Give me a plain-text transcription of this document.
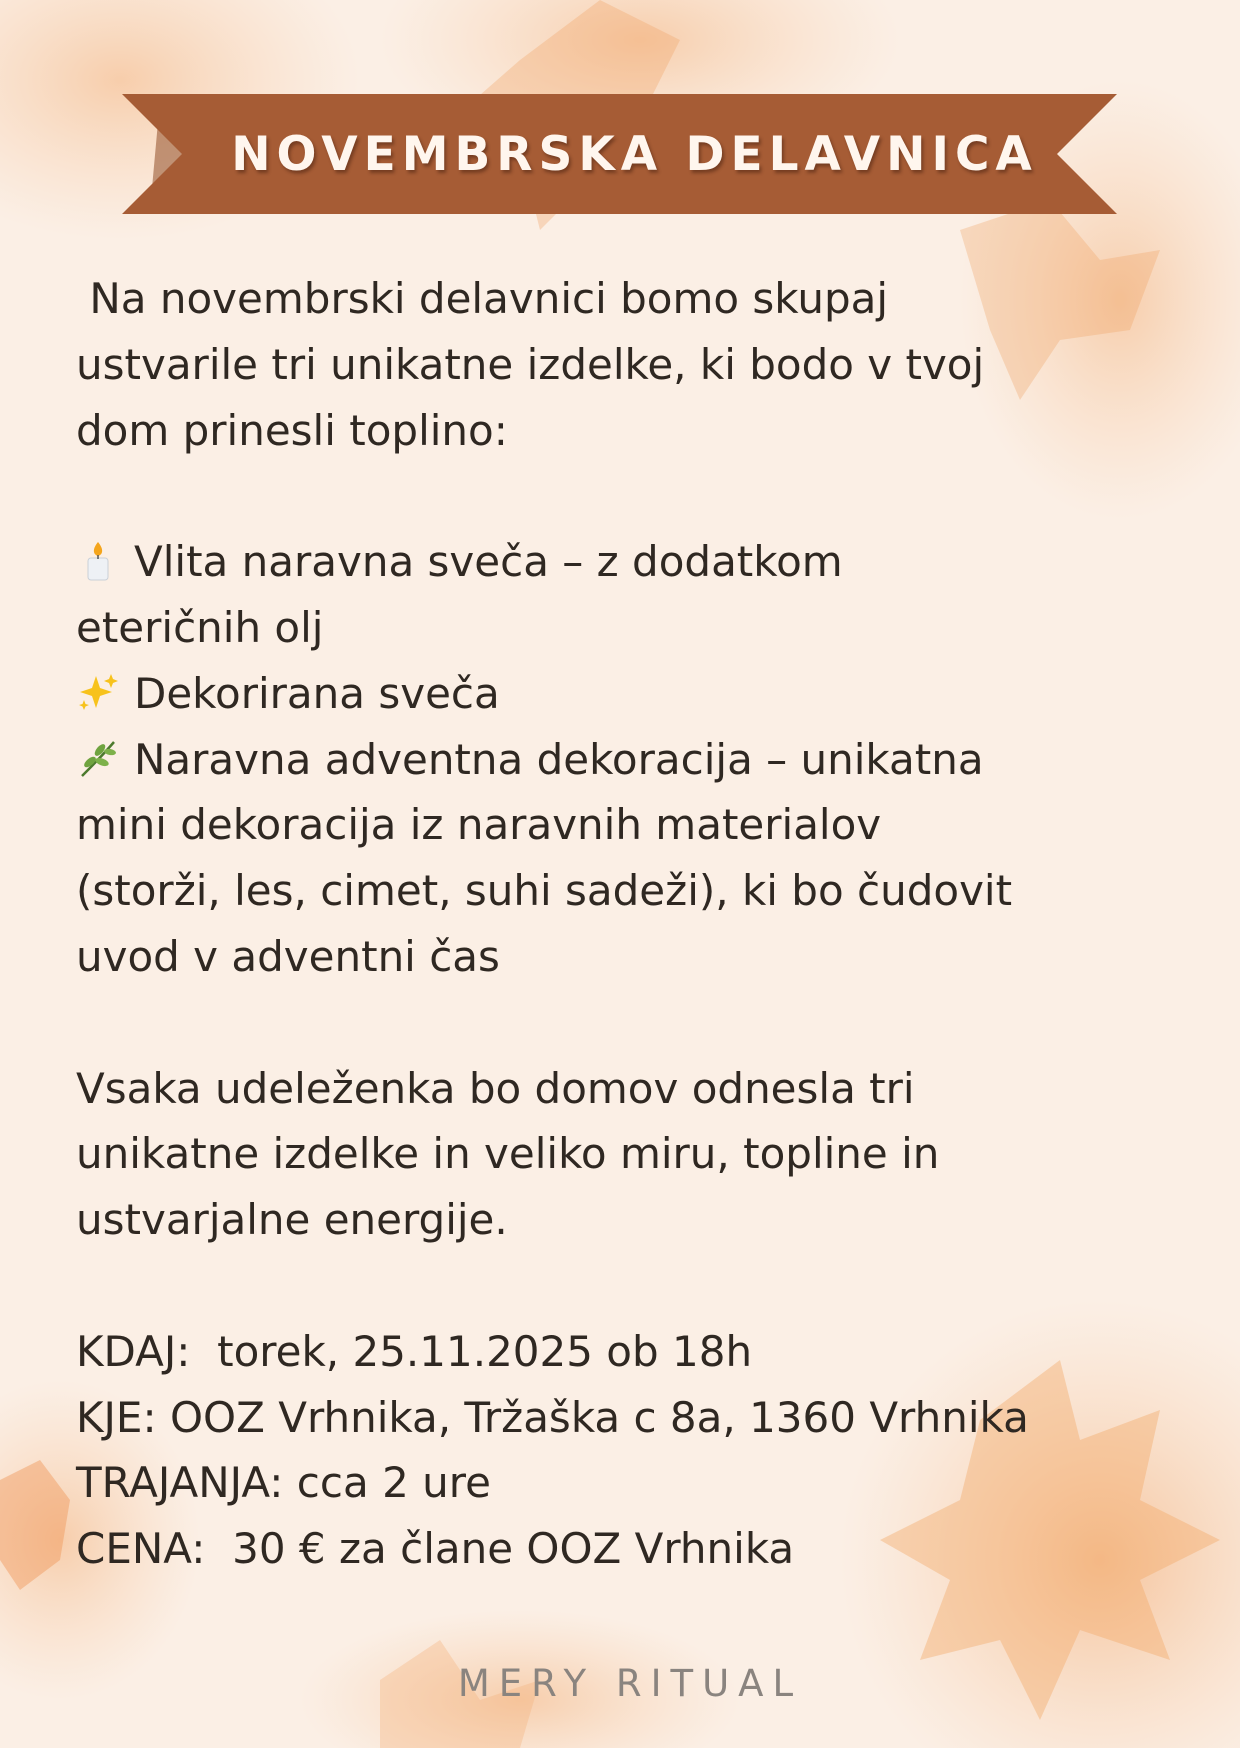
NOVEMBRSKA DELAVNICA

Na novembrski delavnici bomo skupaj

ustvarile tri unikatne izdelke, ki bodo v tvoj

dom prinesli toplino:

Vlita naravna sveča – z dodatkom

eteričnih olj

Dekorirana sveča

Naravna adventna dekoracija – unikatna

mini dekoracija iz naravnih materialov

(storži, les, cimet, suhi sadeži), ki bo čudovit

uvod v adventni čas

Vsaka udeleženka bo domov odnesla tri

unikatne izdelke in veliko miru, topline in

ustvarjalne energije.

KDAJ:  torek, 25.11.2025 ob 18h

KJE: OOZ Vrhnika, Tržaška c 8a, 1360 Vrhnika

TRAJANJA: cca 2 ure

CENA:  30 € za člane OOZ Vrhnika

MERY RITUAL
